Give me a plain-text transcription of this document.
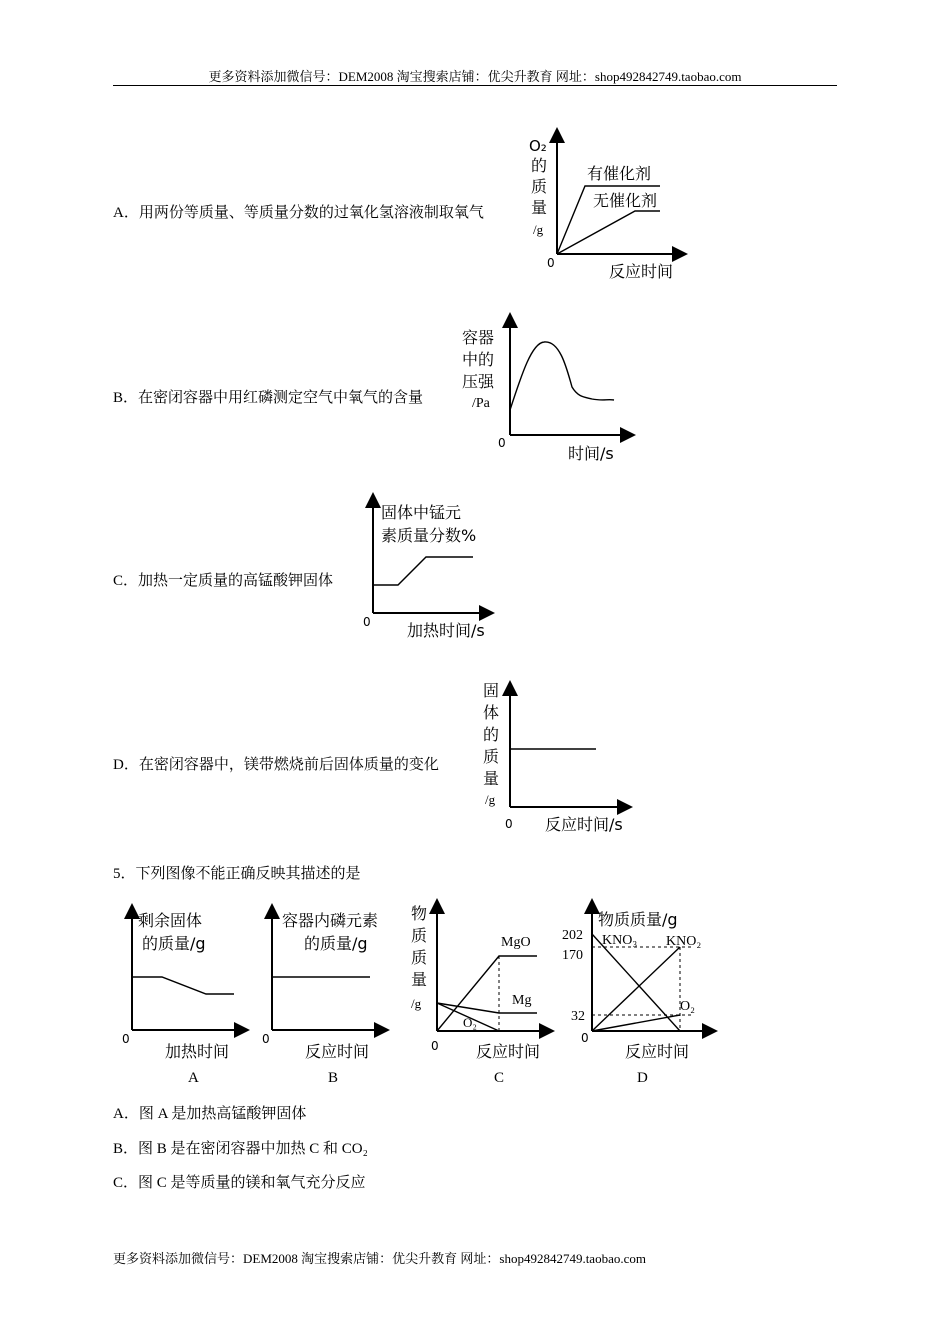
更多资料添加微信号：DEM2008 淘宝搜索店铺：优尖升教育 网址：shop492842749.taobao.com
A．用两份等质量、等质量分数的过氧化氢溶液制取氧气
O₂
的
质
量
/g
0
有催化剂
无催化剂
反应时间
B．在密闭容器中用红磷测定空气中氧气的含量
容器
中的
压强
/Pa
0
时间/s
C．加热一定质量的高锰酸钾固体
固体中锰元
素质量分数%
0 加热时间/s
D．在密闭容器中，镁带燃烧前后固体质量的变化
固
体
的
质
量
/g
0 反应时间/s
5．下列图像不能正确反映其描述的是
剩余固体
的质量/g
0
加热时间
A
容器内磷元素
的质量/g
0
反应时间
B
物
质
质
量
/g
MgO
Mg
O₂
0 反应时间
C
物质质量/g
202
170
32
KNO₃ KNO₂
O₂
0
反应时间
D
A．图 A 是加热高锰酸钾固体
B．图 B 是在密闭容器中加热 C 和 CO₂
C．图 C 是等质量的镁和氧气充分反应
更多资料添加微信号：DEM2008 淘宝搜索店铺：优尖升教育 网址：shop492842749.taobao.com
